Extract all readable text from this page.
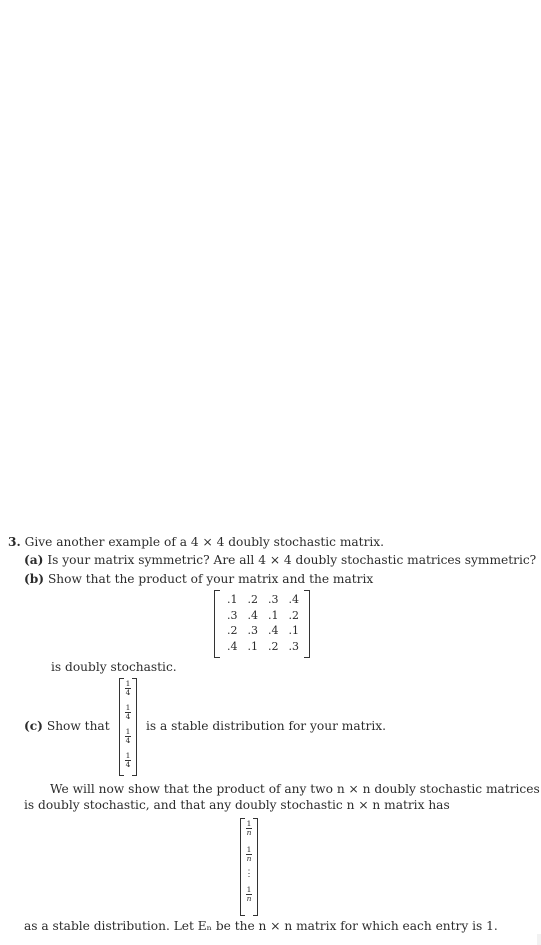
3. Give another example of a 4 × 4 doubly stochastic matrix.
(a) Is your matrix symmetric? Are all 4 × 4 doubly stochastic matrices symmetric?
(b) Show that the product of your matrix and the matrix
.1 .2 .3 .4
.3 .4 .1 .2
.2 .3 .4 .1
.4 .1 .2 .3
is doubly stochastic.
(c) Show that
$\frac{1}{4}$
$\frac{1}{4}$
$\frac{1}{4}$
$\frac{1}{4}$
is a stable distribution for your matrix.
We will now show that the product of any two n × n doubly stochastic matrices
is doubly stochastic, and that any doubly stochastic n × n matrix has
$\frac{1}{n}$
$\frac{1}{n}$
⋮
$\frac{1}{n}$
as a stable distribution. Let Eₙ be the n × n matrix for which each entry is 1.
